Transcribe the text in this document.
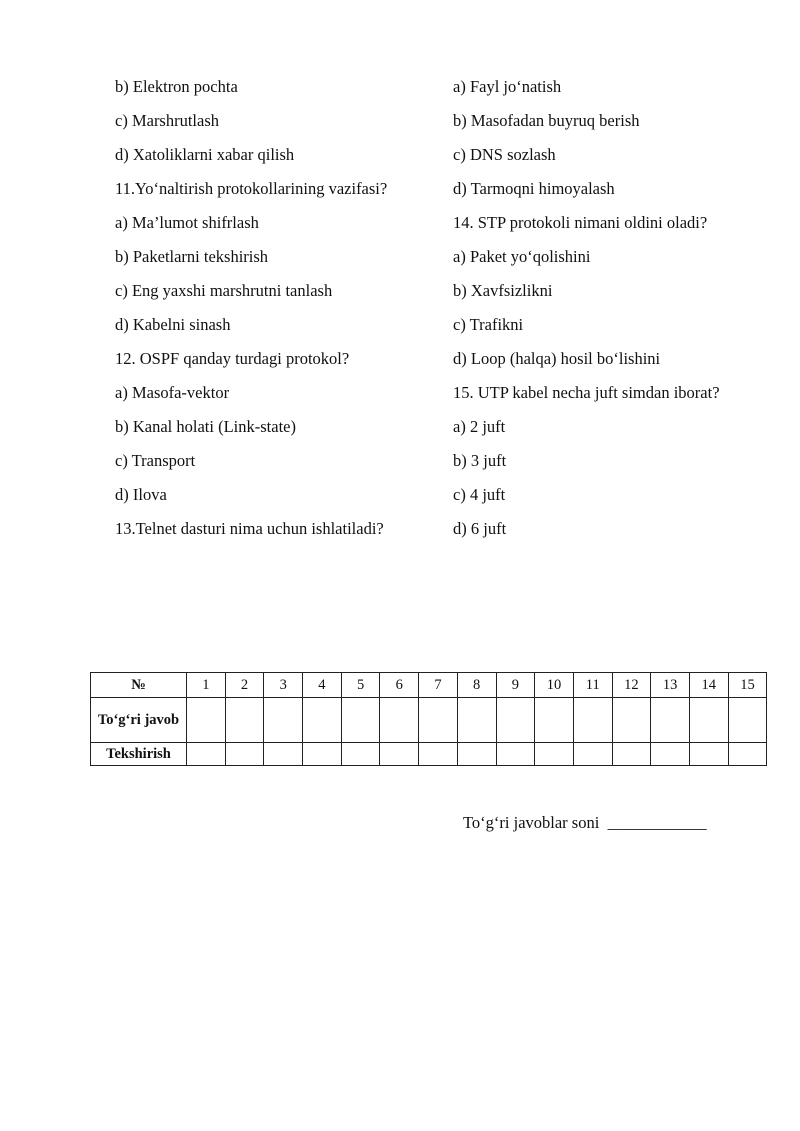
b) Elektron pochta
c) Marshrutlash
d) Xatoliklarni xabar qilish
11.Yo‘naltirish protokollarining vazifasi?
a) Ma’lumot shifrlash
b) Paketlarni tekshirish
c) Eng yaxshi marshrutni tanlash
d) Kabelni sinash
12. OSPF qanday turdagi protokol?
a) Masofa-vektor
b) Kanal holati (Link-state)
c) Transport
d) Ilova
13.Telnet dasturi nima uchun ishlatiladi?
a) Fayl jo‘natish
b) Masofadan buyruq berish
c) DNS sozlash
d) Tarmoqni himoyalash
14. STP protokoli nimani oldini oladi?
a) Paket yo‘qolishini
b) Xavfsizlikni
c) Trafikni
d) Loop (halqa) hosil bo‘lishini
15. UTP kabel necha juft simdan iborat?
a) 2 juft
b) 3 juft
c) 4 juft
d) 6 juft
№	1	2	3	4	5	6	7	8	9	10	11	12	13	14	15
To‘g‘ri javob															
Tekshirish															
To‘g‘ri javoblar soni ____________
